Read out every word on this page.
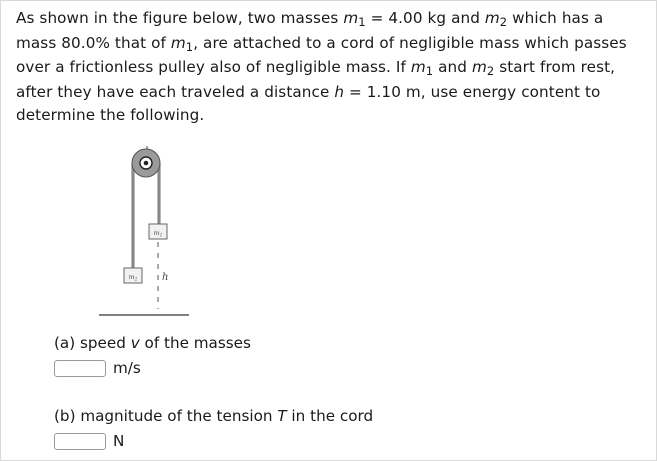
As shown in the figure below, two masses m1 = 4.00 kg and m2 which has a mass 80.0% that of m1, are attached to a cord of negligible mass which passes over a frictionless pulley also of negligible mass. If m1 and m2 start from rest, after they have each traveled a distance h = 1.10 m, use energy content to determine the following.
$m_1$
$m_2$ h
(a) speed v of the masses
m/s
(b) magnitude of the tension T in the cord
N
